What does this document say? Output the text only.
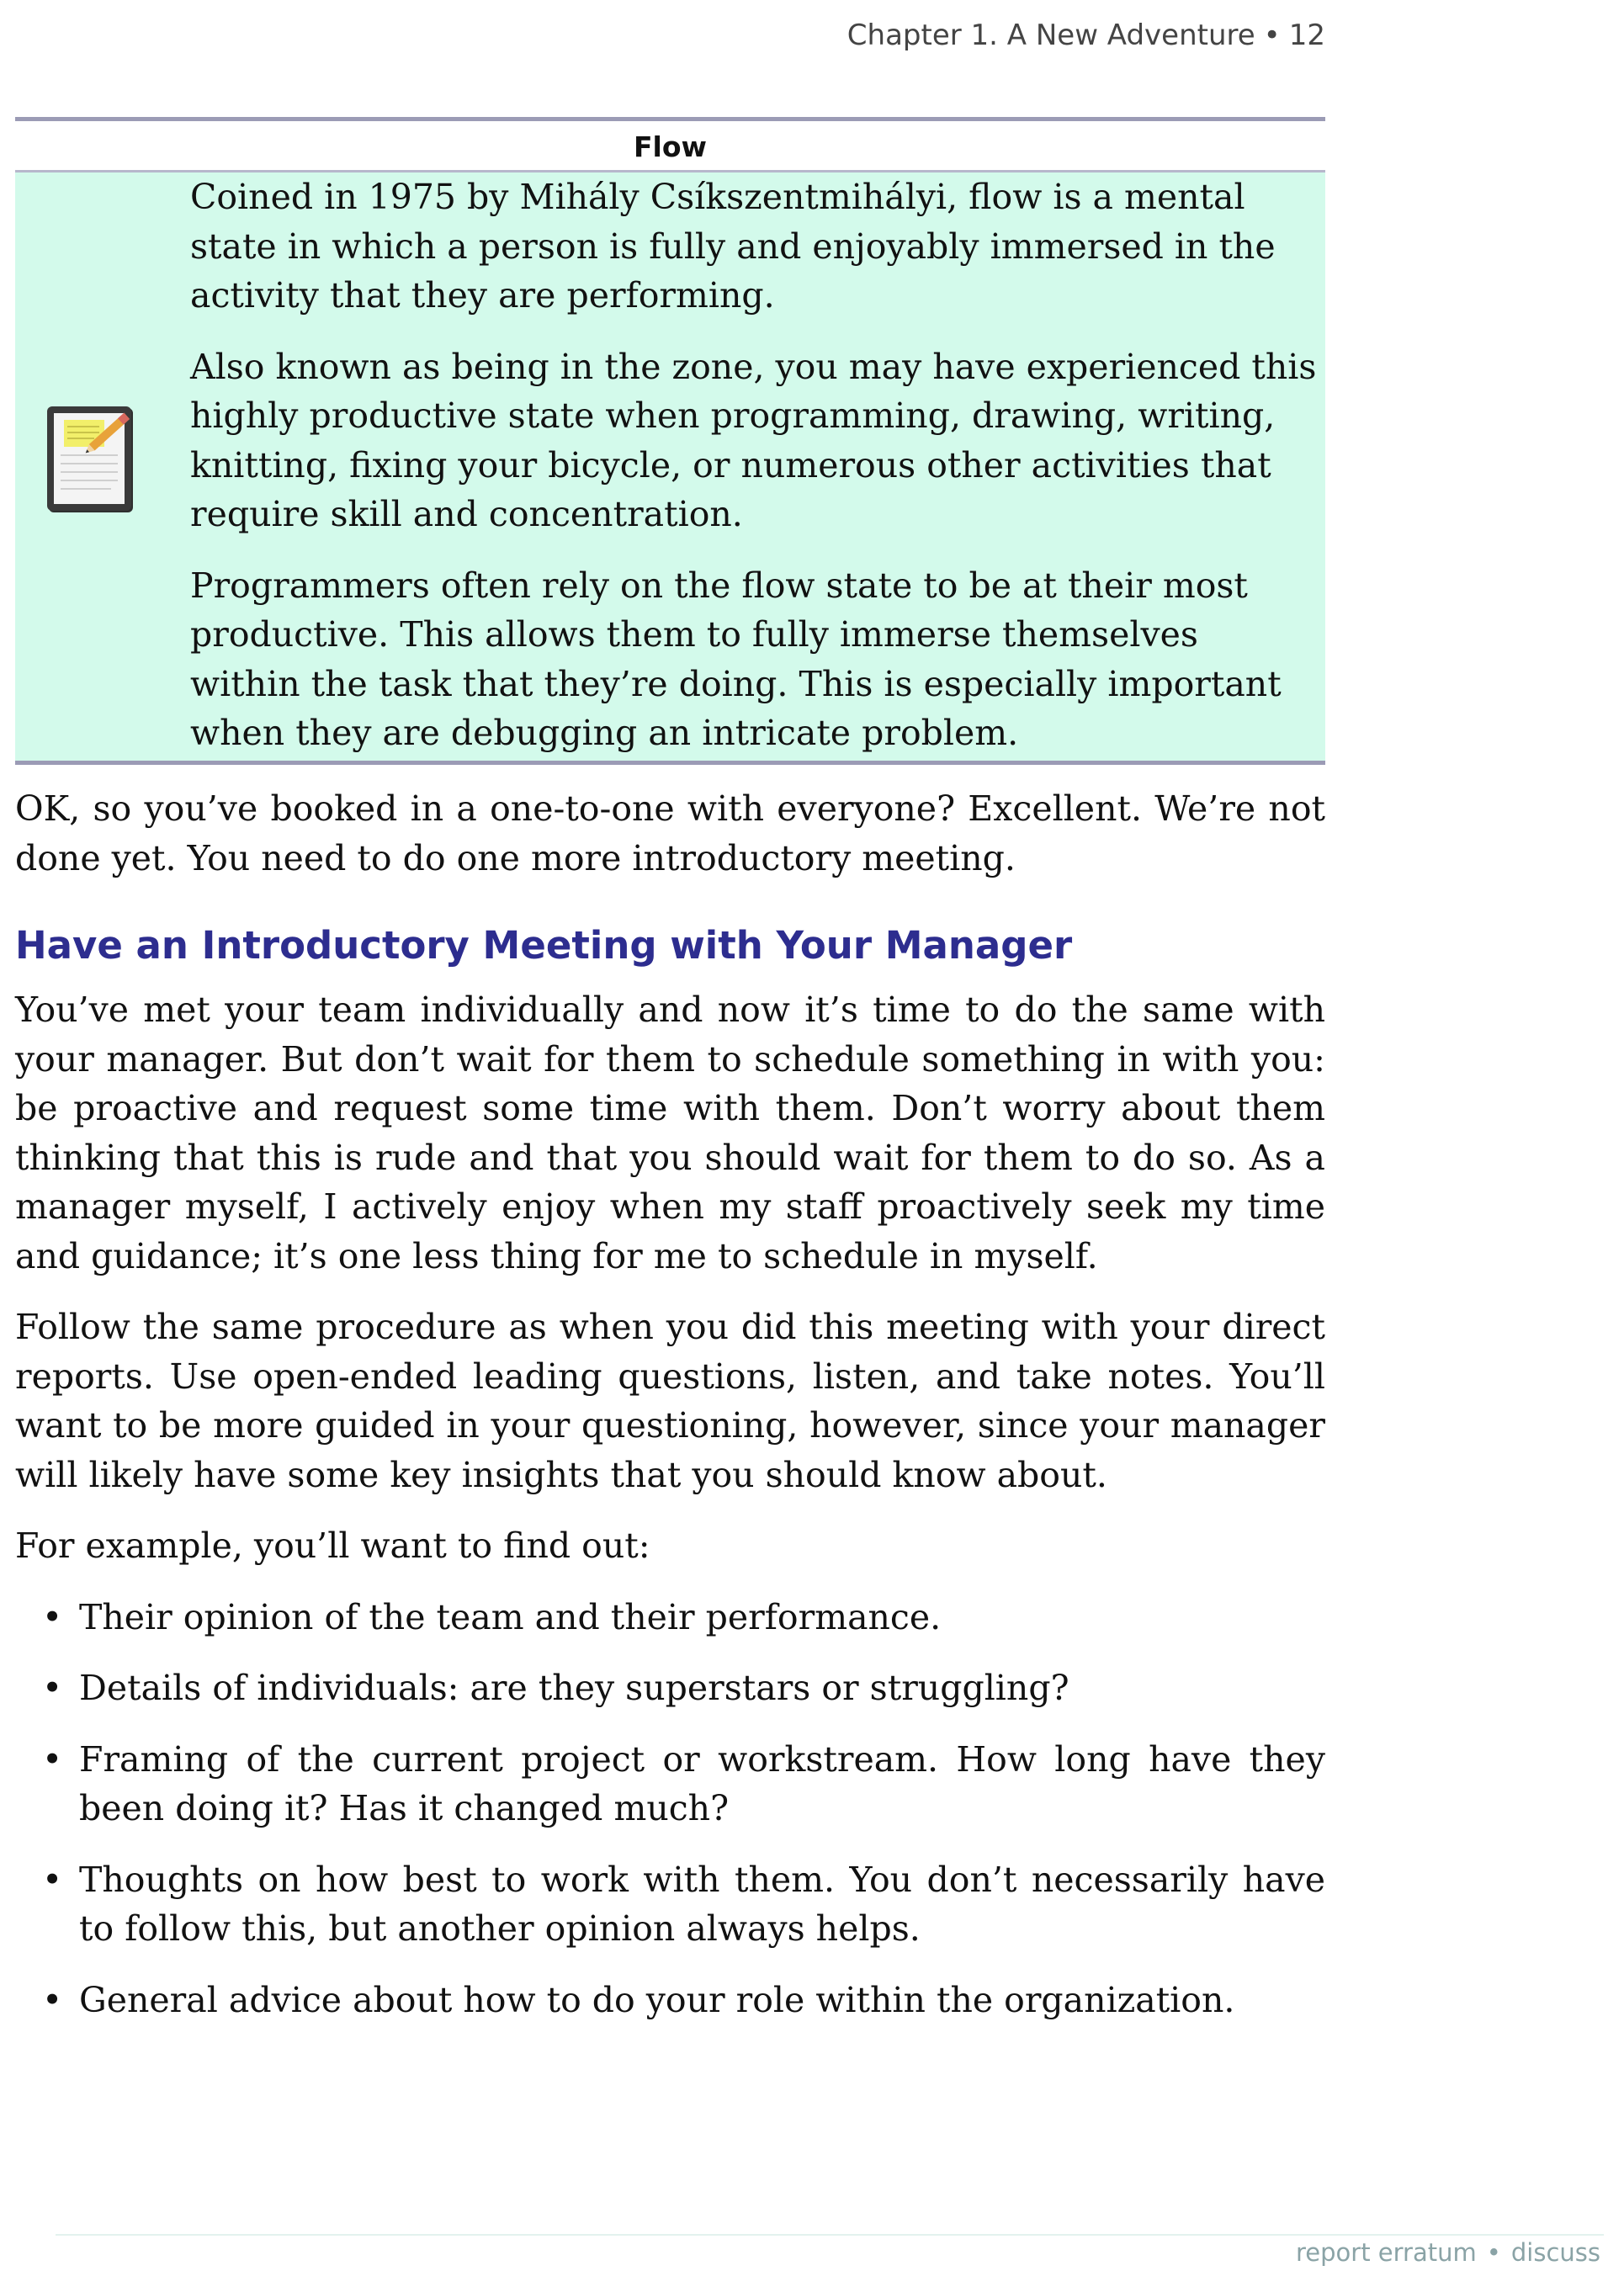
Chapter 1. A New Adventure • 12
Flow

Coined in 1975 by Mihály Csíkszentmihályi, flow is a mental state in which a person is fully and enjoyably immersed in the activity that they are performing.

Also known as being in the zone, you may have experienced this highly productive state when programming, drawing, writing, knitting, fixing your bicycle, or numerous other activities that require skill and concentration.

Programmers often rely on the flow state to be at their most productive. This allows them to fully immerse themselves within the task that they’re doing. This is especially important when they are debugging an intricate problem.

OK, so you’ve booked in a one-to-one with everyone? Excellent. We’re not done yet. You need to do one more introductory meeting.

Have an Introductory Meeting with Your Manager

You’ve met your team individually and now it’s time to do the same with your manager. But don’t wait for them to schedule something in with you: be proactive and request some time with them. Don’t worry about them thinking that this is rude and that you should wait for them to do so. As a manager myself, I actively enjoy when my staff proactively seek my time and guidance; it’s one less thing for me to schedule in myself.

Follow the same procedure as when you did this meeting with your direct reports. Use open-ended leading questions, listen, and take notes. You’ll want to be more guided in your questioning, however, since your manager will likely have some key insights that you should know about.

For example, you’ll want to find out:

• Their opinion of the team and their performance.
• Details of individuals: are they superstars or struggling?
• Framing of the current project or workstream. How long have they been doing it? Has it changed much?
• Thoughts on how best to work with them. You don’t necessarily have to follow this, but another opinion always helps.
• General advice about how to do your role within the organization.
report erratum • discuss
